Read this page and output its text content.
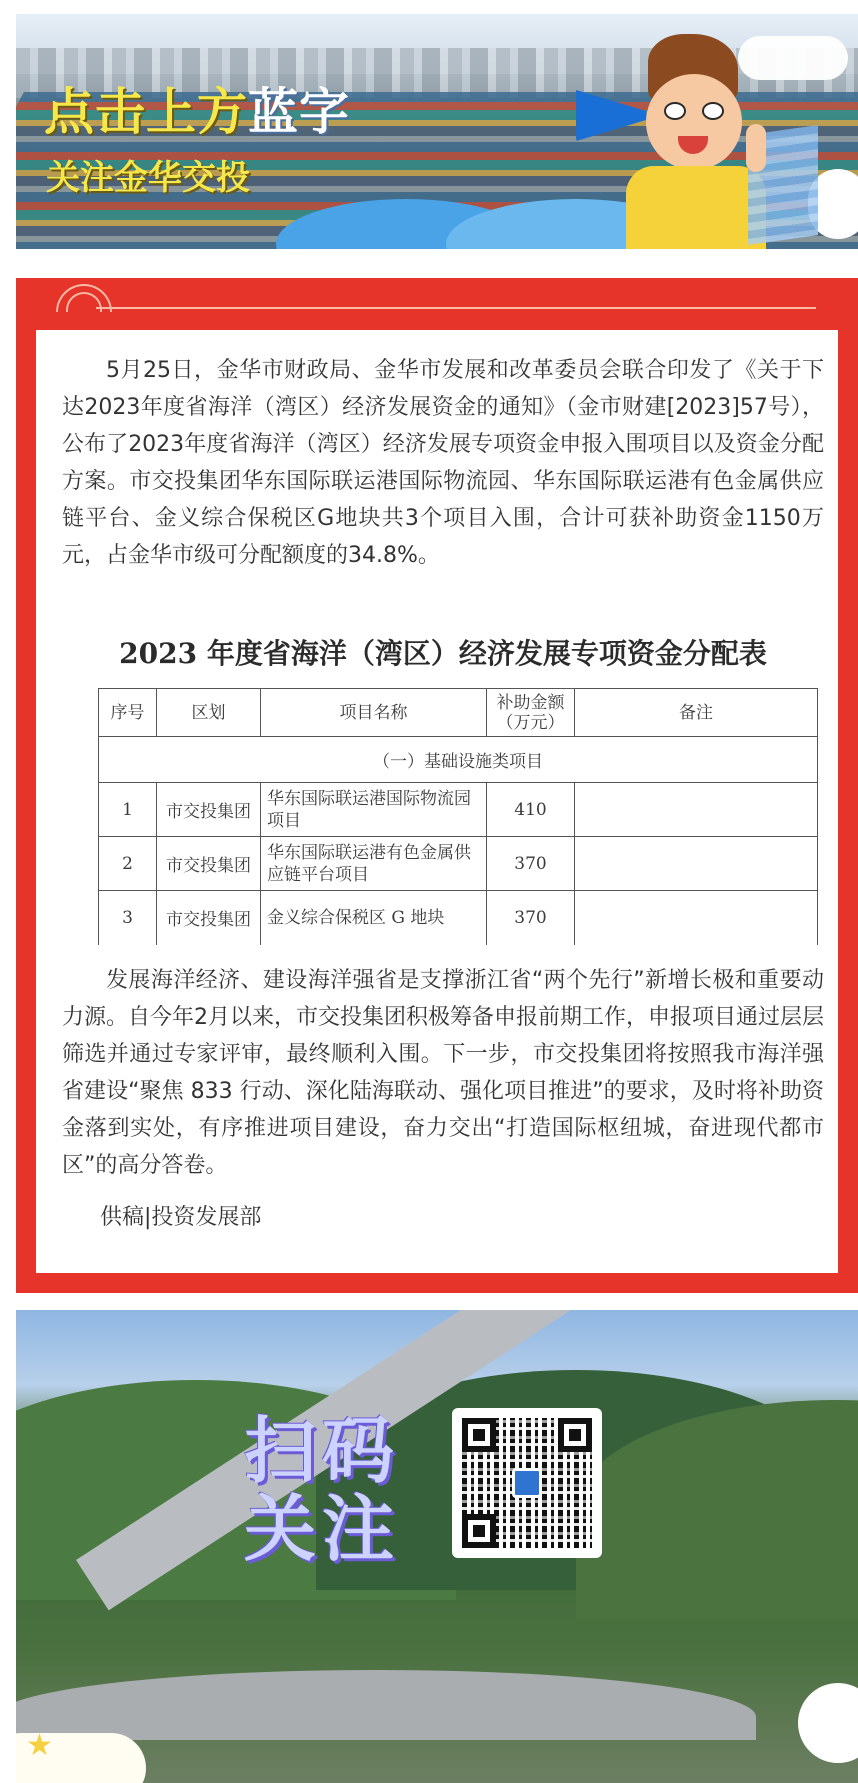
点击上方蓝字
关注金华交投

5月25日，金华市财政局、金华市发展和改革委员会联合印发了《关于下达2023年度省海洋（湾区）经济发展资金的通知》（金市财建[2023]57号），公布了2023年度省海洋（湾区）经济发展专项资金申报入围项目以及资金分配方案。市交投集团华东国际联运港国际物流园、华东国际联运港有色金属供应链平台、金义综合保税区G地块共3个项目入围，合计可获补助资金1150万元，占金华市级可分配额度的34.8%。

2023 年度省海洋（湾区）经济发展专项资金分配表
序号	区划	项目名称	补助金额（万元）	备注
（一）基础设施类项目				
1	市交投集团	华东国际联运港国际物流园项目	410	
2	市交投集团	华东国际联运港有色金属供应链平台项目	370	
3	市交投集团	金义综合保税区 G 地块	370	

发展海洋经济、建设海洋强省是支撑浙江省“两个先行”新增长极和重要动力源。自今年2月以来，市交投集团积极筹备申报前期工作，申报项目通过层层筛选并通过专家评审，最终顺利入围。下一步，市交投集团将按照我市海洋强省建设“聚焦 833 行动、深化陆海联动、强化项目推进”的要求，及时将补助资金落到实处，有序推进项目建设，奋力交出“打造国际枢纽城，奋进现代都市区”的高分答卷。

供稿|投资发展部

★
扫码
关注
